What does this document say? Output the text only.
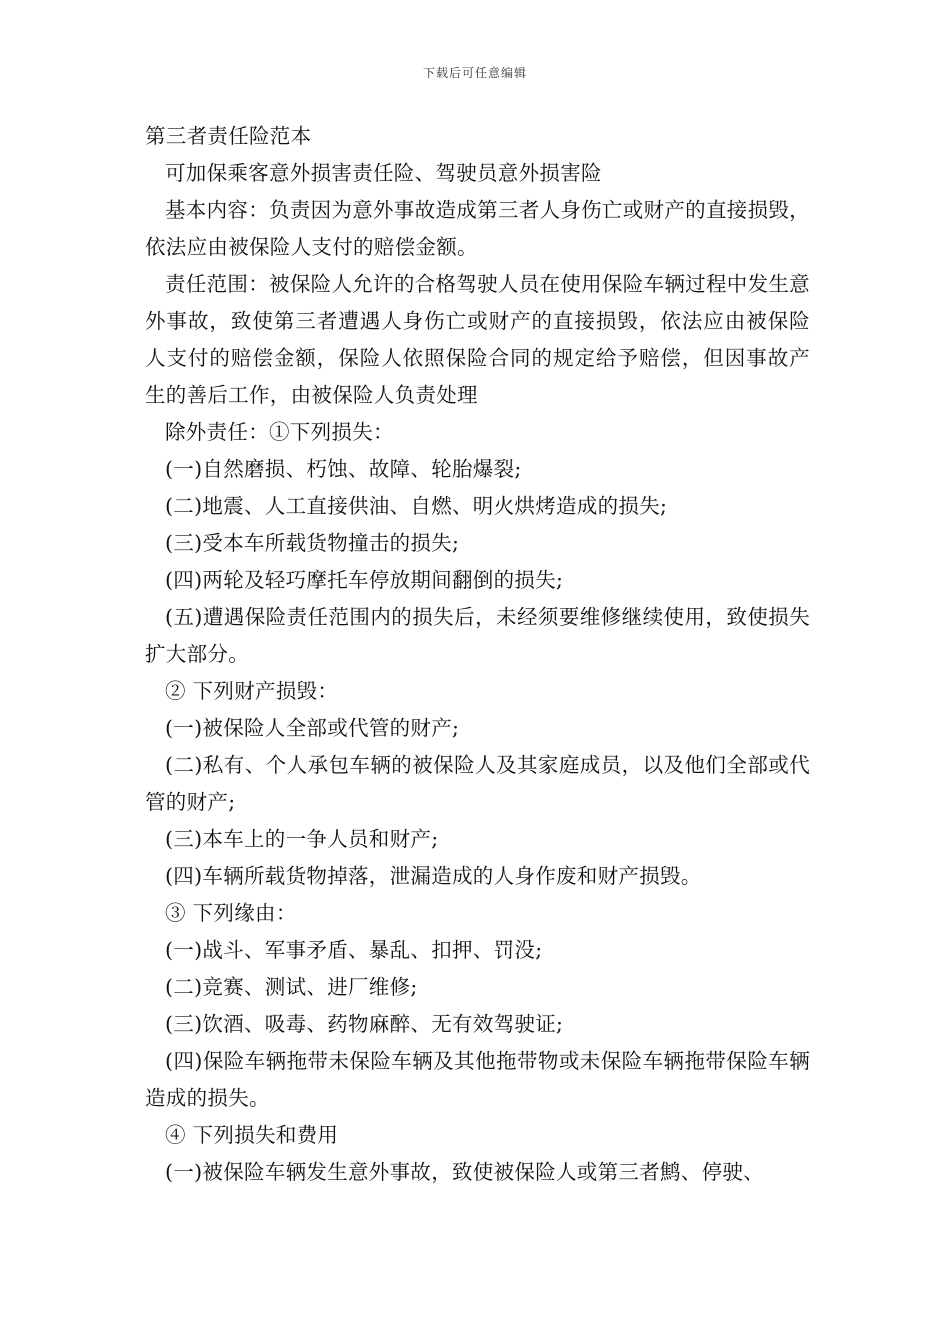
下载后可任意编辑

第三者责任险范本

可加保乘客意外损害责任险、驾驶员意外损害险

基本内容：负责因为意外事故造成第三者人身伤亡或财产的直接损毁，依法应由被保险人支付的赔偿金额。

责任范围：被保险人允许的合格驾驶人员在使用保险车辆过程中发生意外事故，致使第三者遭遇人身伤亡或财产的直接损毁，依法应由被保险人支付的赔偿金额，保险人依照保险合同的规定给予赔偿，但因事故产生的善后工作，由被保险人负责处理

除外责任：①下列损失：

(一)自然磨损、朽蚀、故障、轮胎爆裂;

(二)地震、人工直接供油、自燃、明火烘烤造成的损失;

(三)受本车所载货物撞击的损失;

(四)两轮及轻巧摩托车停放期间翻倒的损失;

(五)遭遇保险责任范围内的损失后，未经须要维修继续使用，致使损失扩大部分。

② 下列财产损毁：

(一)被保险人全部或代管的财产;

(二)私有、个人承包车辆的被保险人及其家庭成员，以及他们全部或代管的财产;

(三)本车上的一争人员和财产;

(四)车辆所载货物掉落，泄漏造成的人身作废和财产损毁。

③ 下列缘由：

(一)战斗、军事矛盾、暴乱、扣押、罚没;

(二)竞赛、测试、进厂维修;

(三)饮酒、吸毒、药物麻醉、无有效驾驶证;

(四)保险车辆拖带未保险车辆及其他拖带物或未保险车辆拖带保险车辆造成的损失。

④ 下列损失和费用

(一)被保险车辆发生意外事故，致使被保险人或第三者鹪、停驶、
